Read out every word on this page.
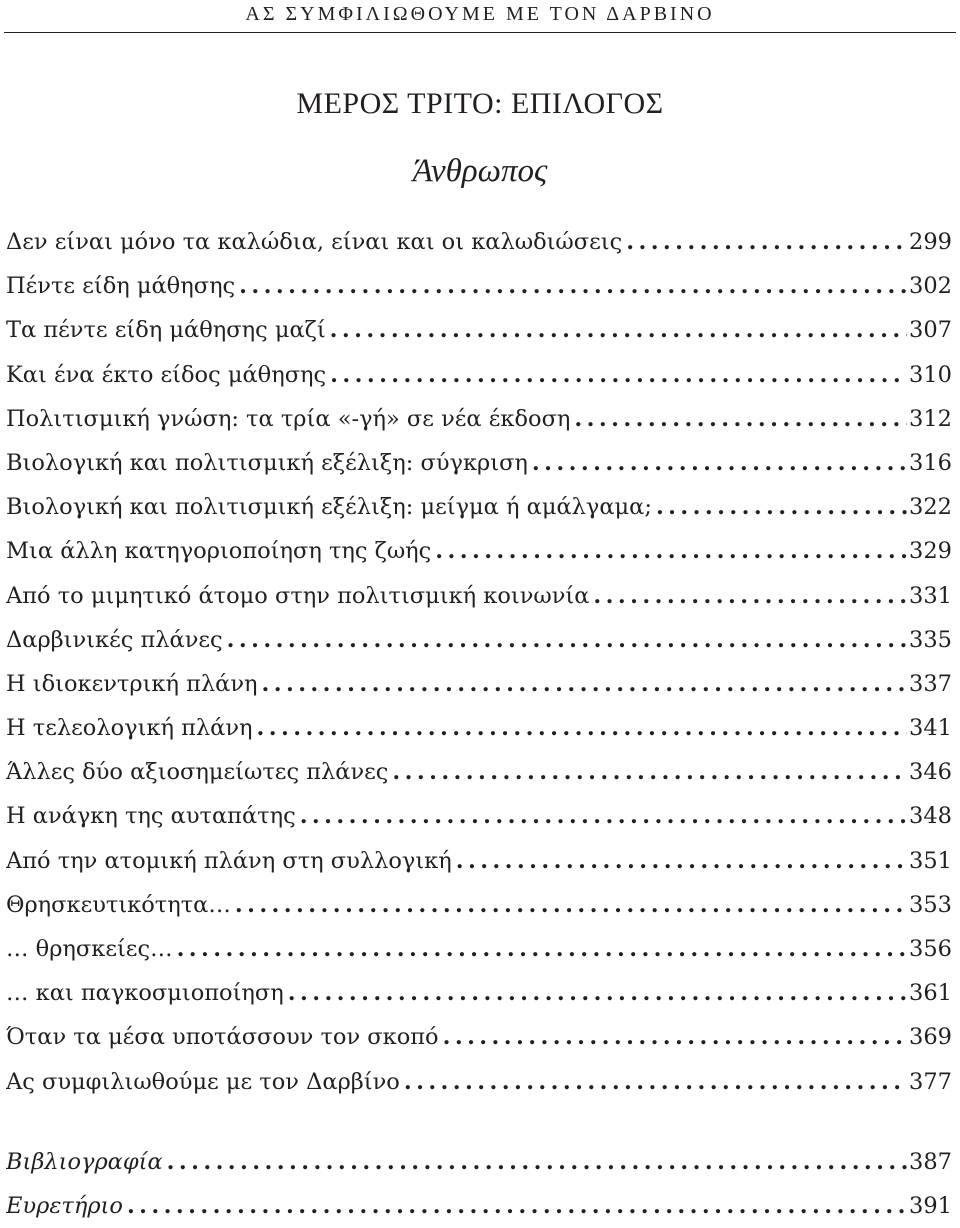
ΑΣ ΣΥΜΦΙΛΙΩΘΟΥΜΕ ΜΕ ΤΟΝ ΔΑΡΒΙΝΟ
ΜΕΡΟΣ ΤΡΙΤΟ: ΕΠΙΛΟΓΟΣ
Άνθρωπος
Δεν είναι μόνο τα καλώδια, είναι και οι καλωδιώσεις .....	299
Πέντε είδη μάθησης .....	302
Τα πέντε είδη μάθησης μαζί .....	307
Και ένα έκτο είδος μάθησης .....	310
Πολιτισμική γνώση: τα τρία «-γή» σε νέα έκδοση .....	312
Βιολογική και πολιτισμική εξέλιξη: σύγκριση .....	316
Βιολογική και πολιτισμική εξέλιξη: μείγμα ή αμάλγαμα; .....	322
Μια άλλη κατηγοριοποίηση της ζωής .....	329
Από το μιμητικό άτομο στην πολιτισμική κοινωνία .....	331
Δαρβινικές πλάνες .....	335
Η ιδιοκεντρική πλάνη .....	337
Η τελεολογική πλάνη .....	341
Άλλες δύο αξιοσημείωτες πλάνες .....	346
Η ανάγκη της αυταπάτης .....	348
Από την ατομική πλάνη στη συλλογική .....	351
Θρησκευτικότητα… .....	353
… θρησκείες… .....	356
… και παγκοσμιοποίηση .....	361
Όταν τα μέσα υποτάσσουν τον σκοπό .....	369
Ας συμφιλιωθούμε με τον Δαρβίνο .....	377
Βιβλιογραφία .....	387
Ευρετήριο .....	391
